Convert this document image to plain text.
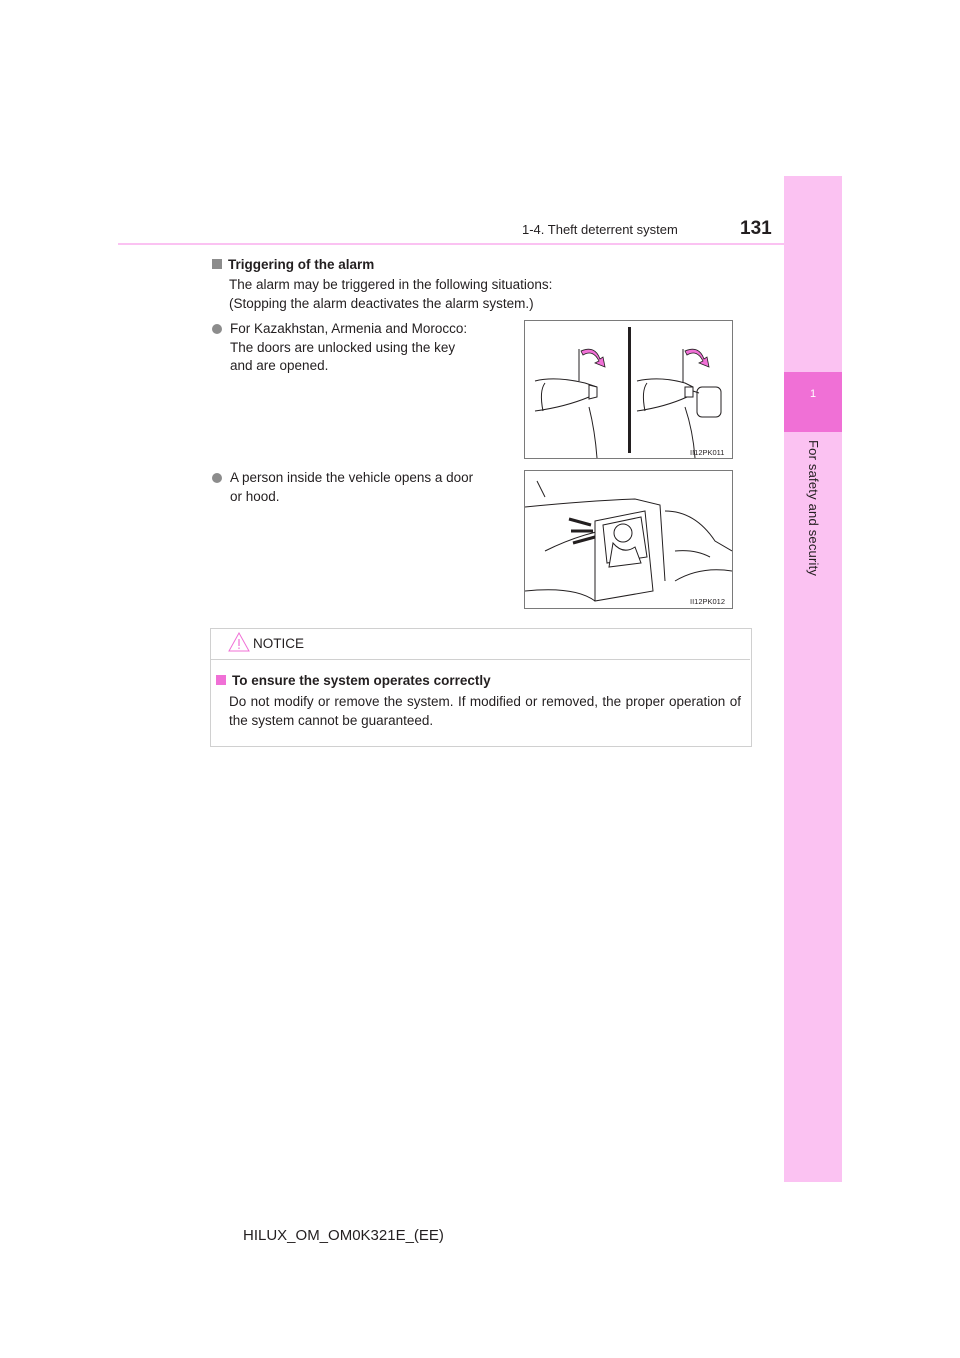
1
For safety and security
1-4. Theft deterrent system	131
Triggering of the alarm
The alarm may be triggered in the following situations:
(Stopping the alarm deactivates the alarm system.)
For Kazakhstan, Armenia and Morocco:
The doors are unlocked using the key
and are opened.
II12PK011
A person inside the vehicle opens a door
or hood.
II12PK012
NOTICE
To ensure the system operates correctly
Do not modify or remove the system. If modified or removed, the proper operation of the system cannot be guaranteed.
HILUX_OM_OM0K321E_(EE)
